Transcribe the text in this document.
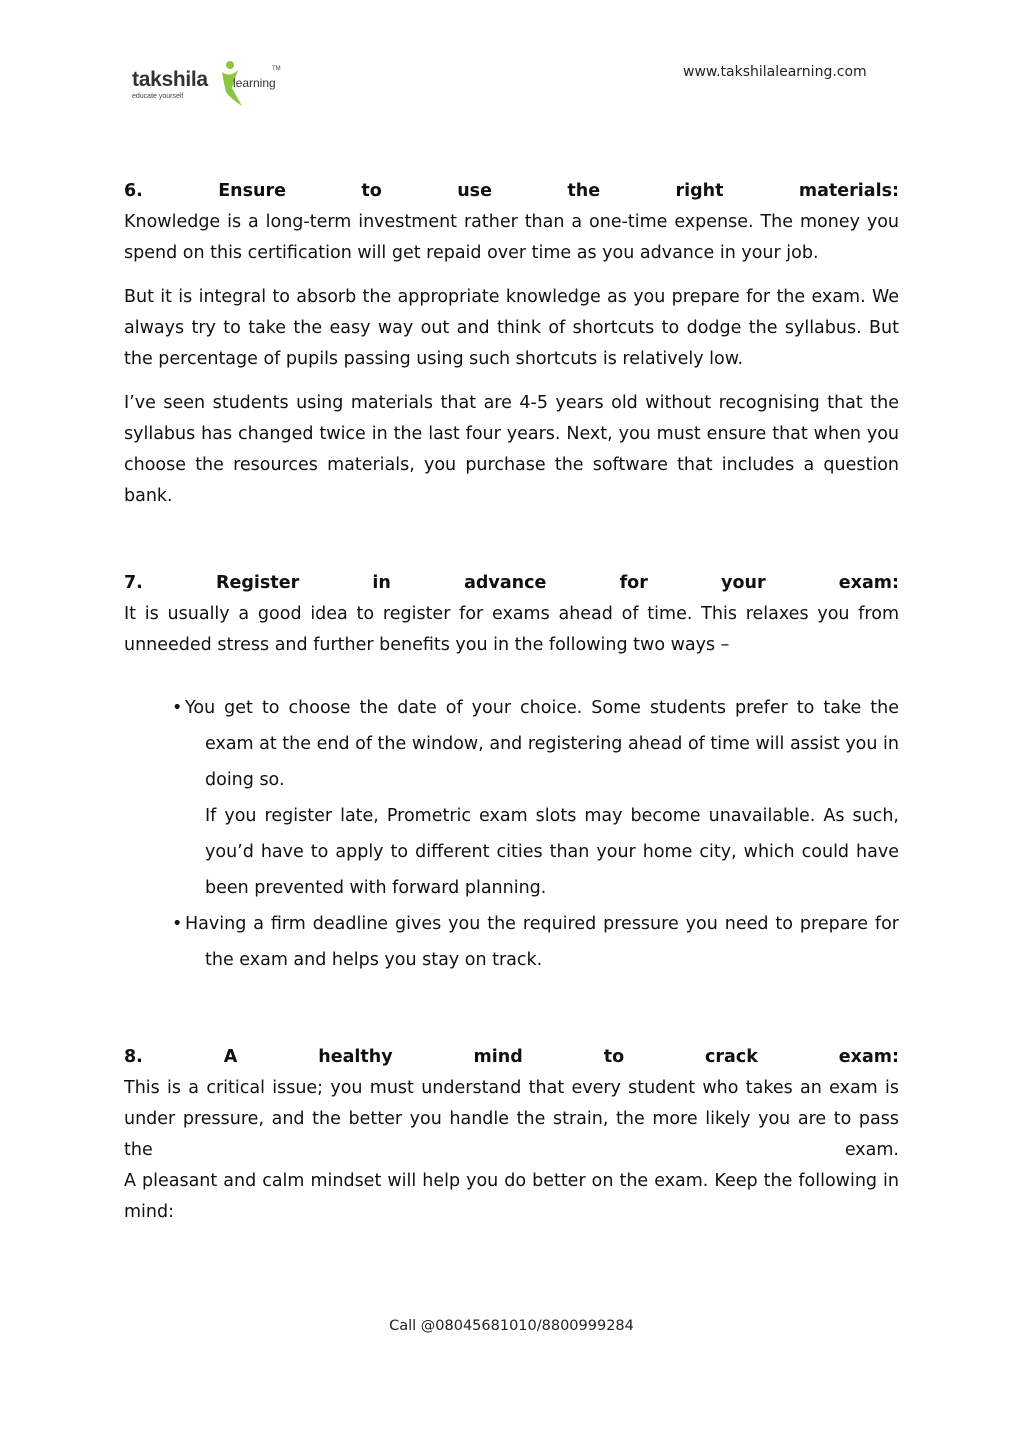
takshila learning
TM
educate yourself
www.takshilalearning.com

6. Ensure to use the right materials:

Knowledge is a long-term investment rather than a one-time expense. The money you spend on this certification will get repaid over time as you advance in your job.

But it is integral to absorb the appropriate knowledge as you prepare for the exam. We always try to take the easy way out and think of shortcuts to dodge the syllabus. But the percentage of pupils passing using such shortcuts is relatively low.

I’ve seen students using materials that are 4-5 years old without recognising that the syllabus has changed twice in the last four years. Next, you must ensure that when you choose the resources materials, you purchase the software that includes a question bank.

7. Register in advance for your exam:

It is usually a good idea to register for exams ahead of time. This relaxes you from unneeded stress and further benefits you in the following two ways –

• You get to choose the date of your choice. Some students prefer to take the exam at the end of the window, and registering ahead of time will assist you in doing so.
If you register late, Prometric exam slots may become unavailable. As such, you’d have to apply to different cities than your home city, which could have been prevented with forward planning.
• Having a firm deadline gives you the required pressure you need to prepare for the exam and helps you stay on track.

8. A healthy mind to crack exam:

This is a critical issue; you must understand that every student who takes an exam is under pressure, and the better you handle the strain, the more likely you are to pass the exam.

A pleasant and calm mindset will help you do better on the exam. Keep the following in mind:

Call @08045681010/8800999284
